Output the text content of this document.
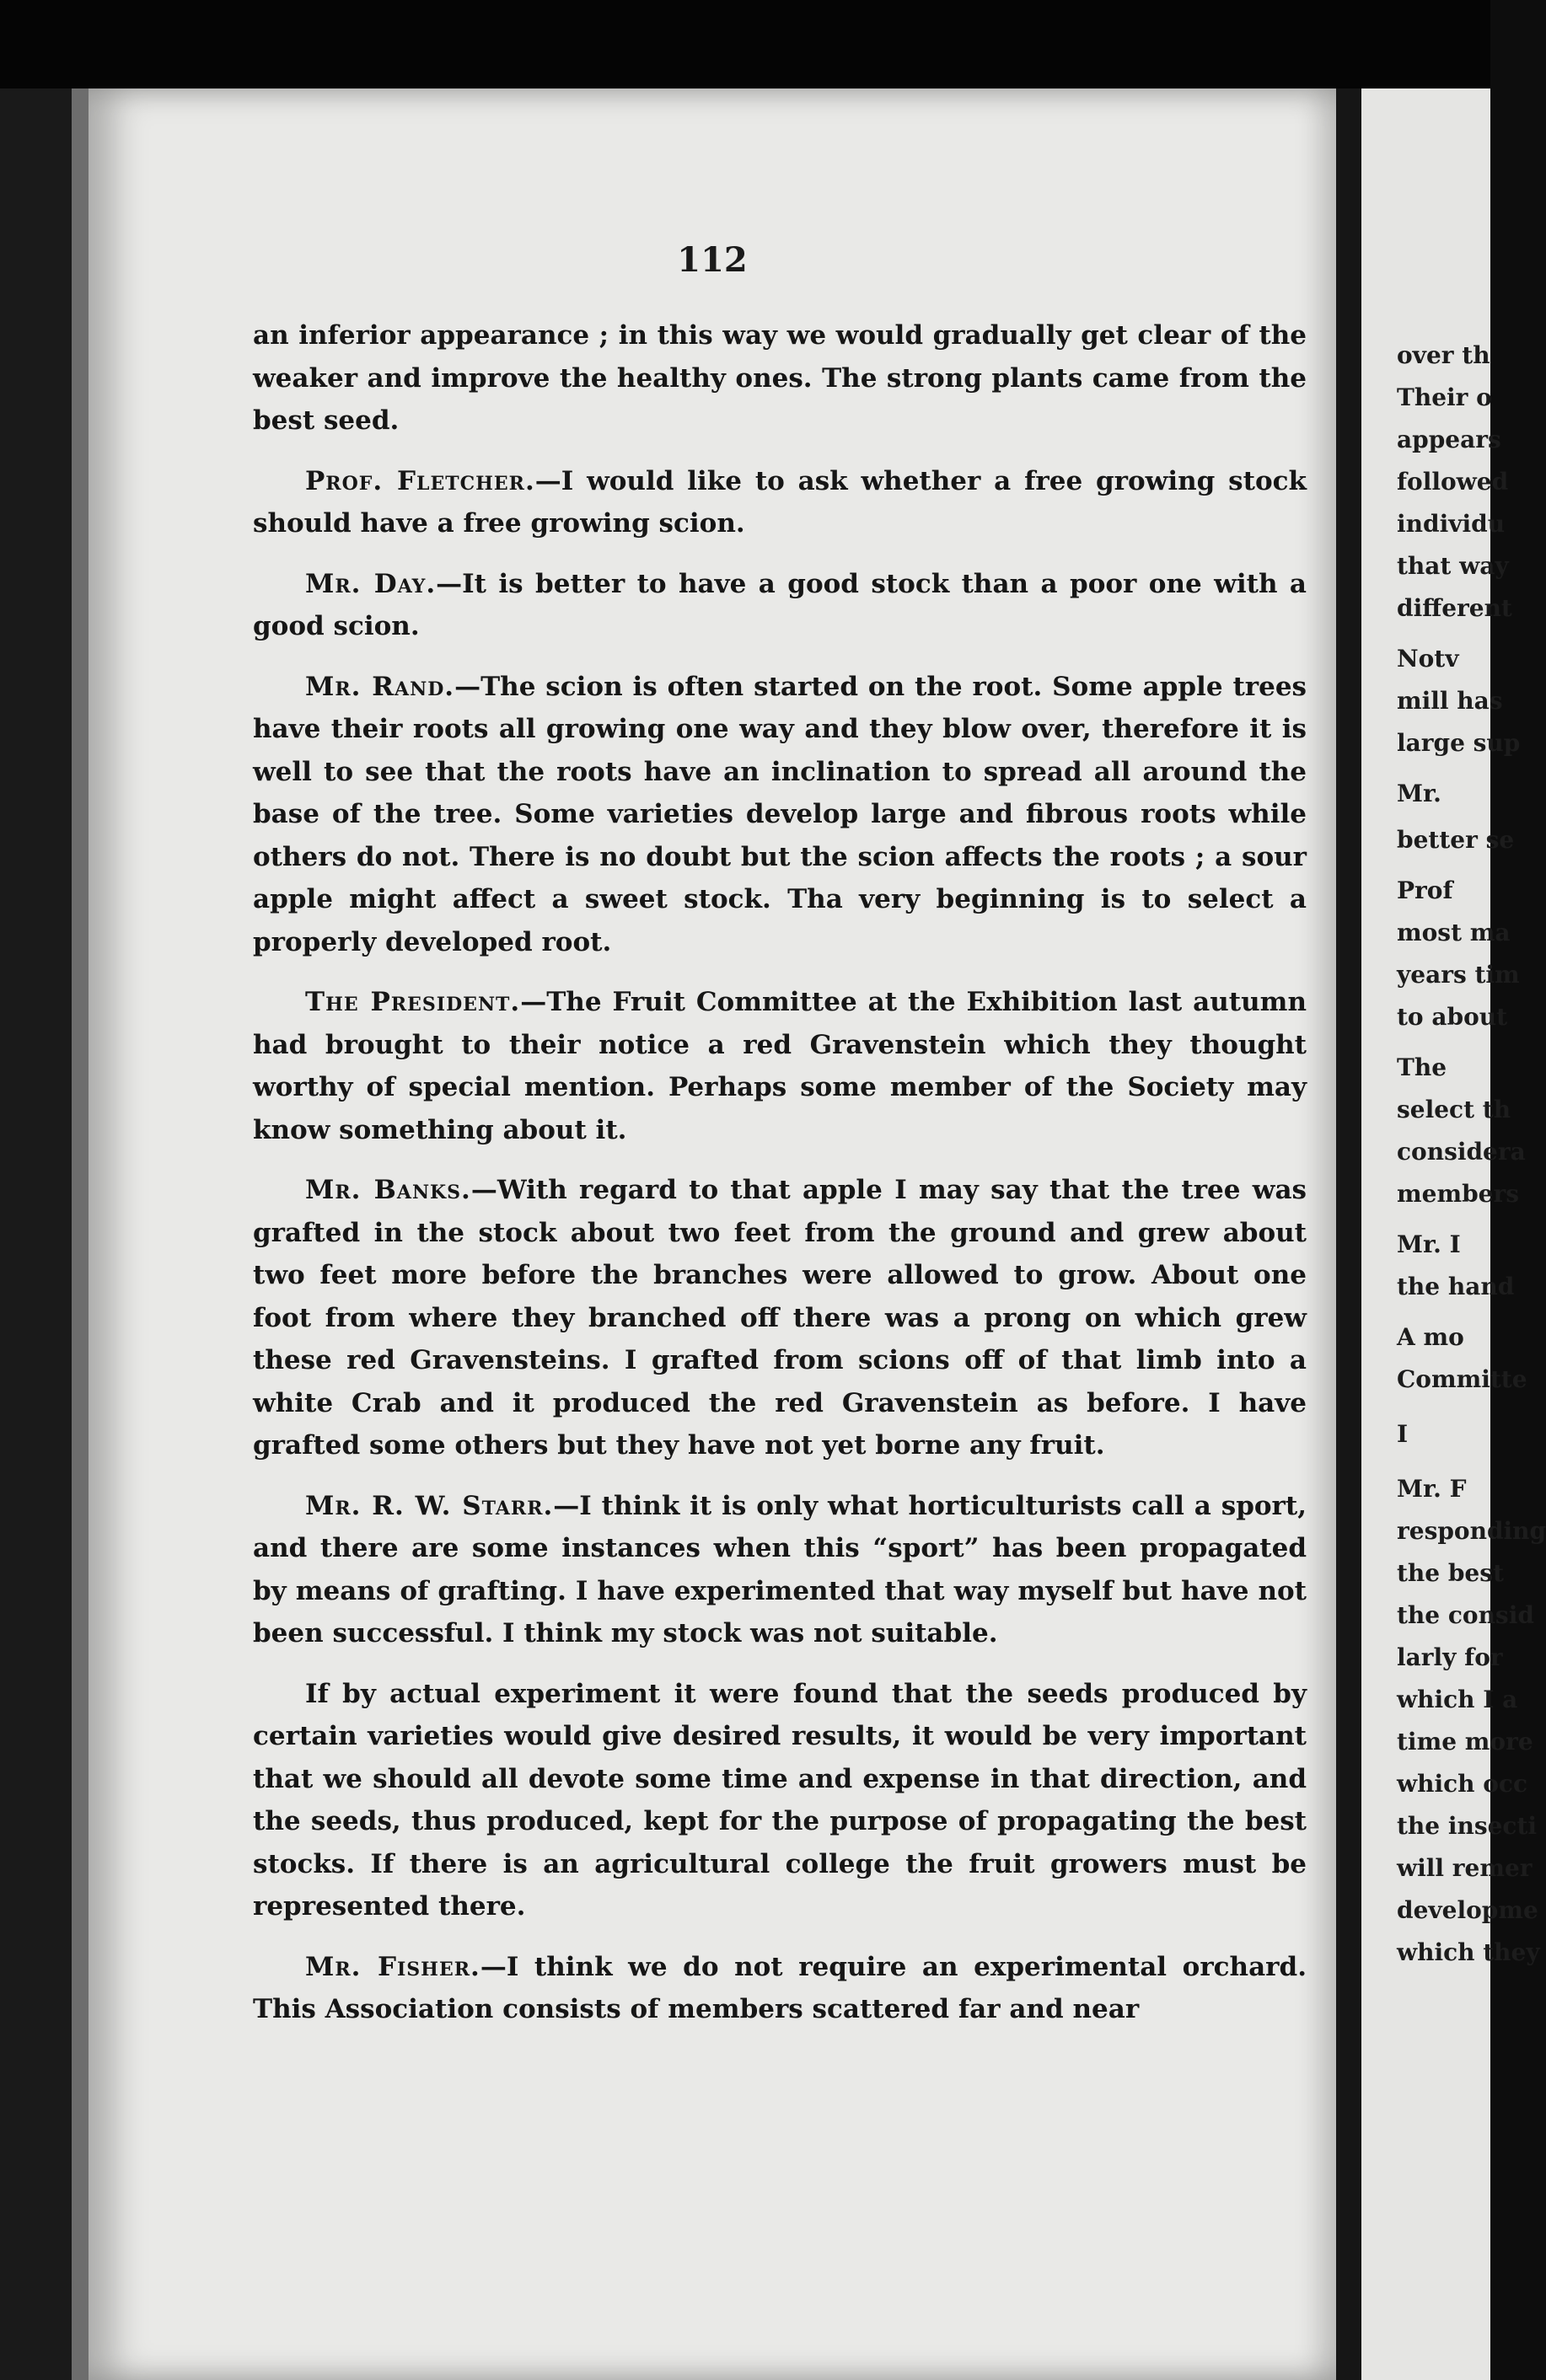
112

an inferior appearance ; in this way we would gradually get clear of the weaker and improve the healthy ones. The strong plants came from the best seed.

Prof. Fletcher.—I would like to ask whether a free growing stock should have a free growing scion.

Mr. Day.—It is better to have a good stock than a poor one with a good scion.

Mr. Rand.—The scion is often started on the root. Some apple trees have their roots all growing one way and they blow over, therefore it is well to see that the roots have an inclination to spread all around the base of the tree. Some varieties develop large and fibrous roots while others do not. There is no doubt but the scion affects the roots ; a sour apple might affect a sweet stock. Tha very beginning is to select a properly developed root.

The President.—The Fruit Committee at the Exhibition last autumn had brought to their notice a red Gravenstein which they thought worthy of special mention. Perhaps some member of the Society may know something about it.

Mr. Banks.—With regard to that apple I may say that the tree was grafted in the stock about two feet from the ground and grew about two feet more before the branches were allowed to grow. About one foot from where they branched off there was a prong on which grew these red Gravensteins. I grafted from scions off of that limb into a white Crab and it produced the red Gravenstein as before. I have grafted some others but they have not yet borne any fruit.

Mr. R. W. Starr.—I think it is only what horticulturists call a sport, and there are some instances when this “sport” has been propagated by means of grafting. I have experimented that way myself but have not been successful. I think my stock was not suitable.

If by actual experiment it were found that the seeds produced by certain varieties would give desired results, it would be very important that we should all devote some time and expense in that direction, and the seeds, thus produced, kept for the purpose of propagating the best stocks. If there is an agricultural college the fruit growers must be represented there.

Mr. Fisher.—I think we do not require an experimental orchard. This Association consists of members scattered far and near

over th
Their o
appears
followed
individu
that way
different
Notv
mill has
large sup
Mr.
better se
Prof
most ma
years tim
to about
The
select th
considera
members
Mr. I
the hand
A mo
Committe
I
Mr. F
responding
the best
the consid
larly for
which I a
time more
which occ
the insecti
will remer
developme
which they
